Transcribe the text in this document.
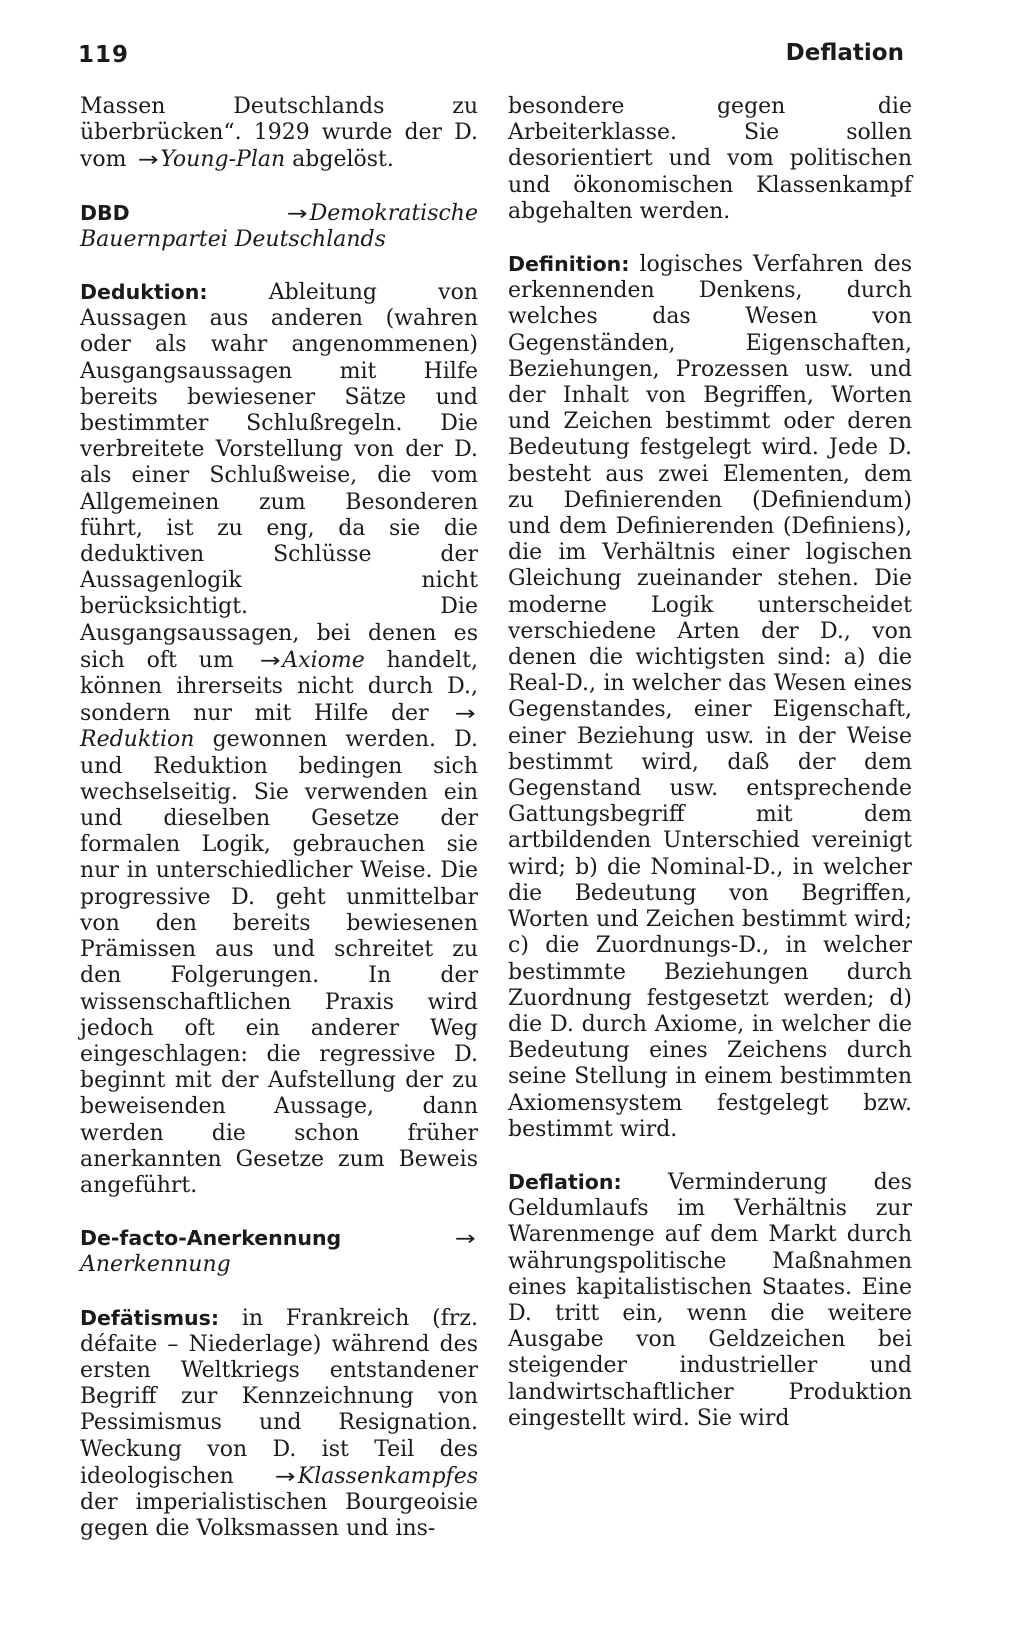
119	Deflation

Massen Deutschlands zu überbrücken“. 1929 wurde der D. vom →Young-Plan abgelöst.

DBD	→Demokratische Bauernpartei Deutschlands

Deduktion:	Ableitung von Aussagen aus anderen (wahren oder als wahr angenommenen) Ausgangsaussagen mit Hilfe bereits bewiesener Sätze und bestimmter Schlußregeln. Die verbreitete Vorstellung von der D. als einer Schlußweise, die vom Allgemeinen zum Besonderen führt, ist zu eng, da sie die deduktiven Schlüsse der Aussagenlogik nicht berücksichtigt. Die Ausgangsaussagen, bei denen es sich oft um →Axiome handelt, können ihrerseits nicht durch D., sondern nur mit Hilfe der →Reduktion gewonnen werden. D. und Reduktion bedingen sich wechselseitig. Sie verwenden ein und dieselben Gesetze der formalen Logik, gebrauchen sie nur in unterschiedlicher Weise. Die progressive D. geht unmittelbar von den bereits bewiesenen Prämissen aus und schreitet zu den Folgerungen. In der wissenschaftlichen Praxis wird jedoch oft ein anderer Weg eingeschlagen: die regressive D. beginnt mit der Aufstellung der zu beweisenden Aussage, dann werden die schon früher anerkannten Gesetze zum Beweis angeführt.

De-facto-Anerkennung	→Anerkennung

Defätismus: in Frankreich (frz. défaite – Niederlage) während des ersten Weltkriegs entstandener Begriff zur Kennzeichnung von Pessimismus und Resignation. Weckung von D. ist Teil des ideologischen →Klassenkampfes der imperialistischen Bourgeoisie gegen die Volksmassen und ins-

besondere gegen die Arbeiterklasse. Sie sollen desorientiert und vom politischen und ökonomischen Klassenkampf abgehalten werden.

Definition: logisches Verfahren des erkennenden Denkens, durch welches das Wesen von Gegenständen, Eigenschaften, Beziehungen, Prozessen usw. und der Inhalt von Begriffen, Worten und Zeichen bestimmt oder deren Bedeutung festgelegt wird. Jede D. besteht aus zwei Elementen, dem zu Definierenden (Definiendum) und dem Definierenden (Definiens), die im Verhältnis einer logischen Gleichung zueinander stehen. Die moderne Logik unterscheidet verschiedene Arten der D., von denen die wichtigsten sind: a) die Real-D., in welcher das Wesen eines Gegenstandes, einer Eigenschaft, einer Beziehung usw. in der Weise bestimmt wird, daß der dem Gegenstand usw. entsprechende Gattungsbegriff mit dem artbildenden Unterschied vereinigt wird; b) die Nominal-D., in welcher die Bedeutung von Begriffen, Worten und Zeichen bestimmt wird; c) die Zuordnungs-D., in welcher bestimmte Beziehungen durch Zuordnung festgesetzt werden; d) die D. durch Axiome, in welcher die Bedeutung eines Zeichens durch seine Stellung in einem bestimmten Axiomensystem festgelegt bzw. bestimmt wird.

Deflation: Verminderung des Geldumlaufs im Verhältnis zur Warenmenge auf dem Markt durch währungspolitische Maßnahmen eines kapitalistischen Staates. Eine D. tritt ein, wenn die weitere Ausgabe von Geldzeichen bei steigender industrieller und landwirtschaftlicher Produktion eingestellt wird. Sie wird
